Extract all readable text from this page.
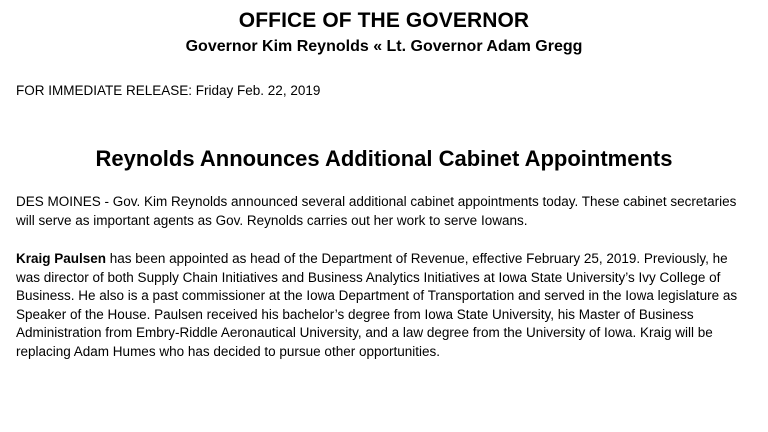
OFFICE OF THE GOVERNOR
Governor Kim Reynolds « Lt. Governor Adam Gregg
FOR IMMEDIATE RELEASE: Friday Feb. 22, 2019
Reynolds Announces Additional Cabinet Appointments

DES MOINES - Gov. Kim Reynolds announced several additional cabinet appointments today. These cabinet secretaries will serve as important agents as Gov. Reynolds carries out her work to serve Iowans.

Kraig Paulsen has been appointed as head of the Department of Revenue, effective February 25, 2019. Previously, he was director of both Supply Chain Initiatives and Business Analytics Initiatives at Iowa State University’s Ivy College of Business. He also is a past commissioner at the Iowa Department of Transportation and served in the Iowa legislature as Speaker of the House. Paulsen received his bachelor’s degree from Iowa State University, his Master of Business Administration from Embry-Riddle Aeronautical University, and a law degree from the University of Iowa. Kraig will be replacing Adam Humes who has decided to pursue other opportunities.
